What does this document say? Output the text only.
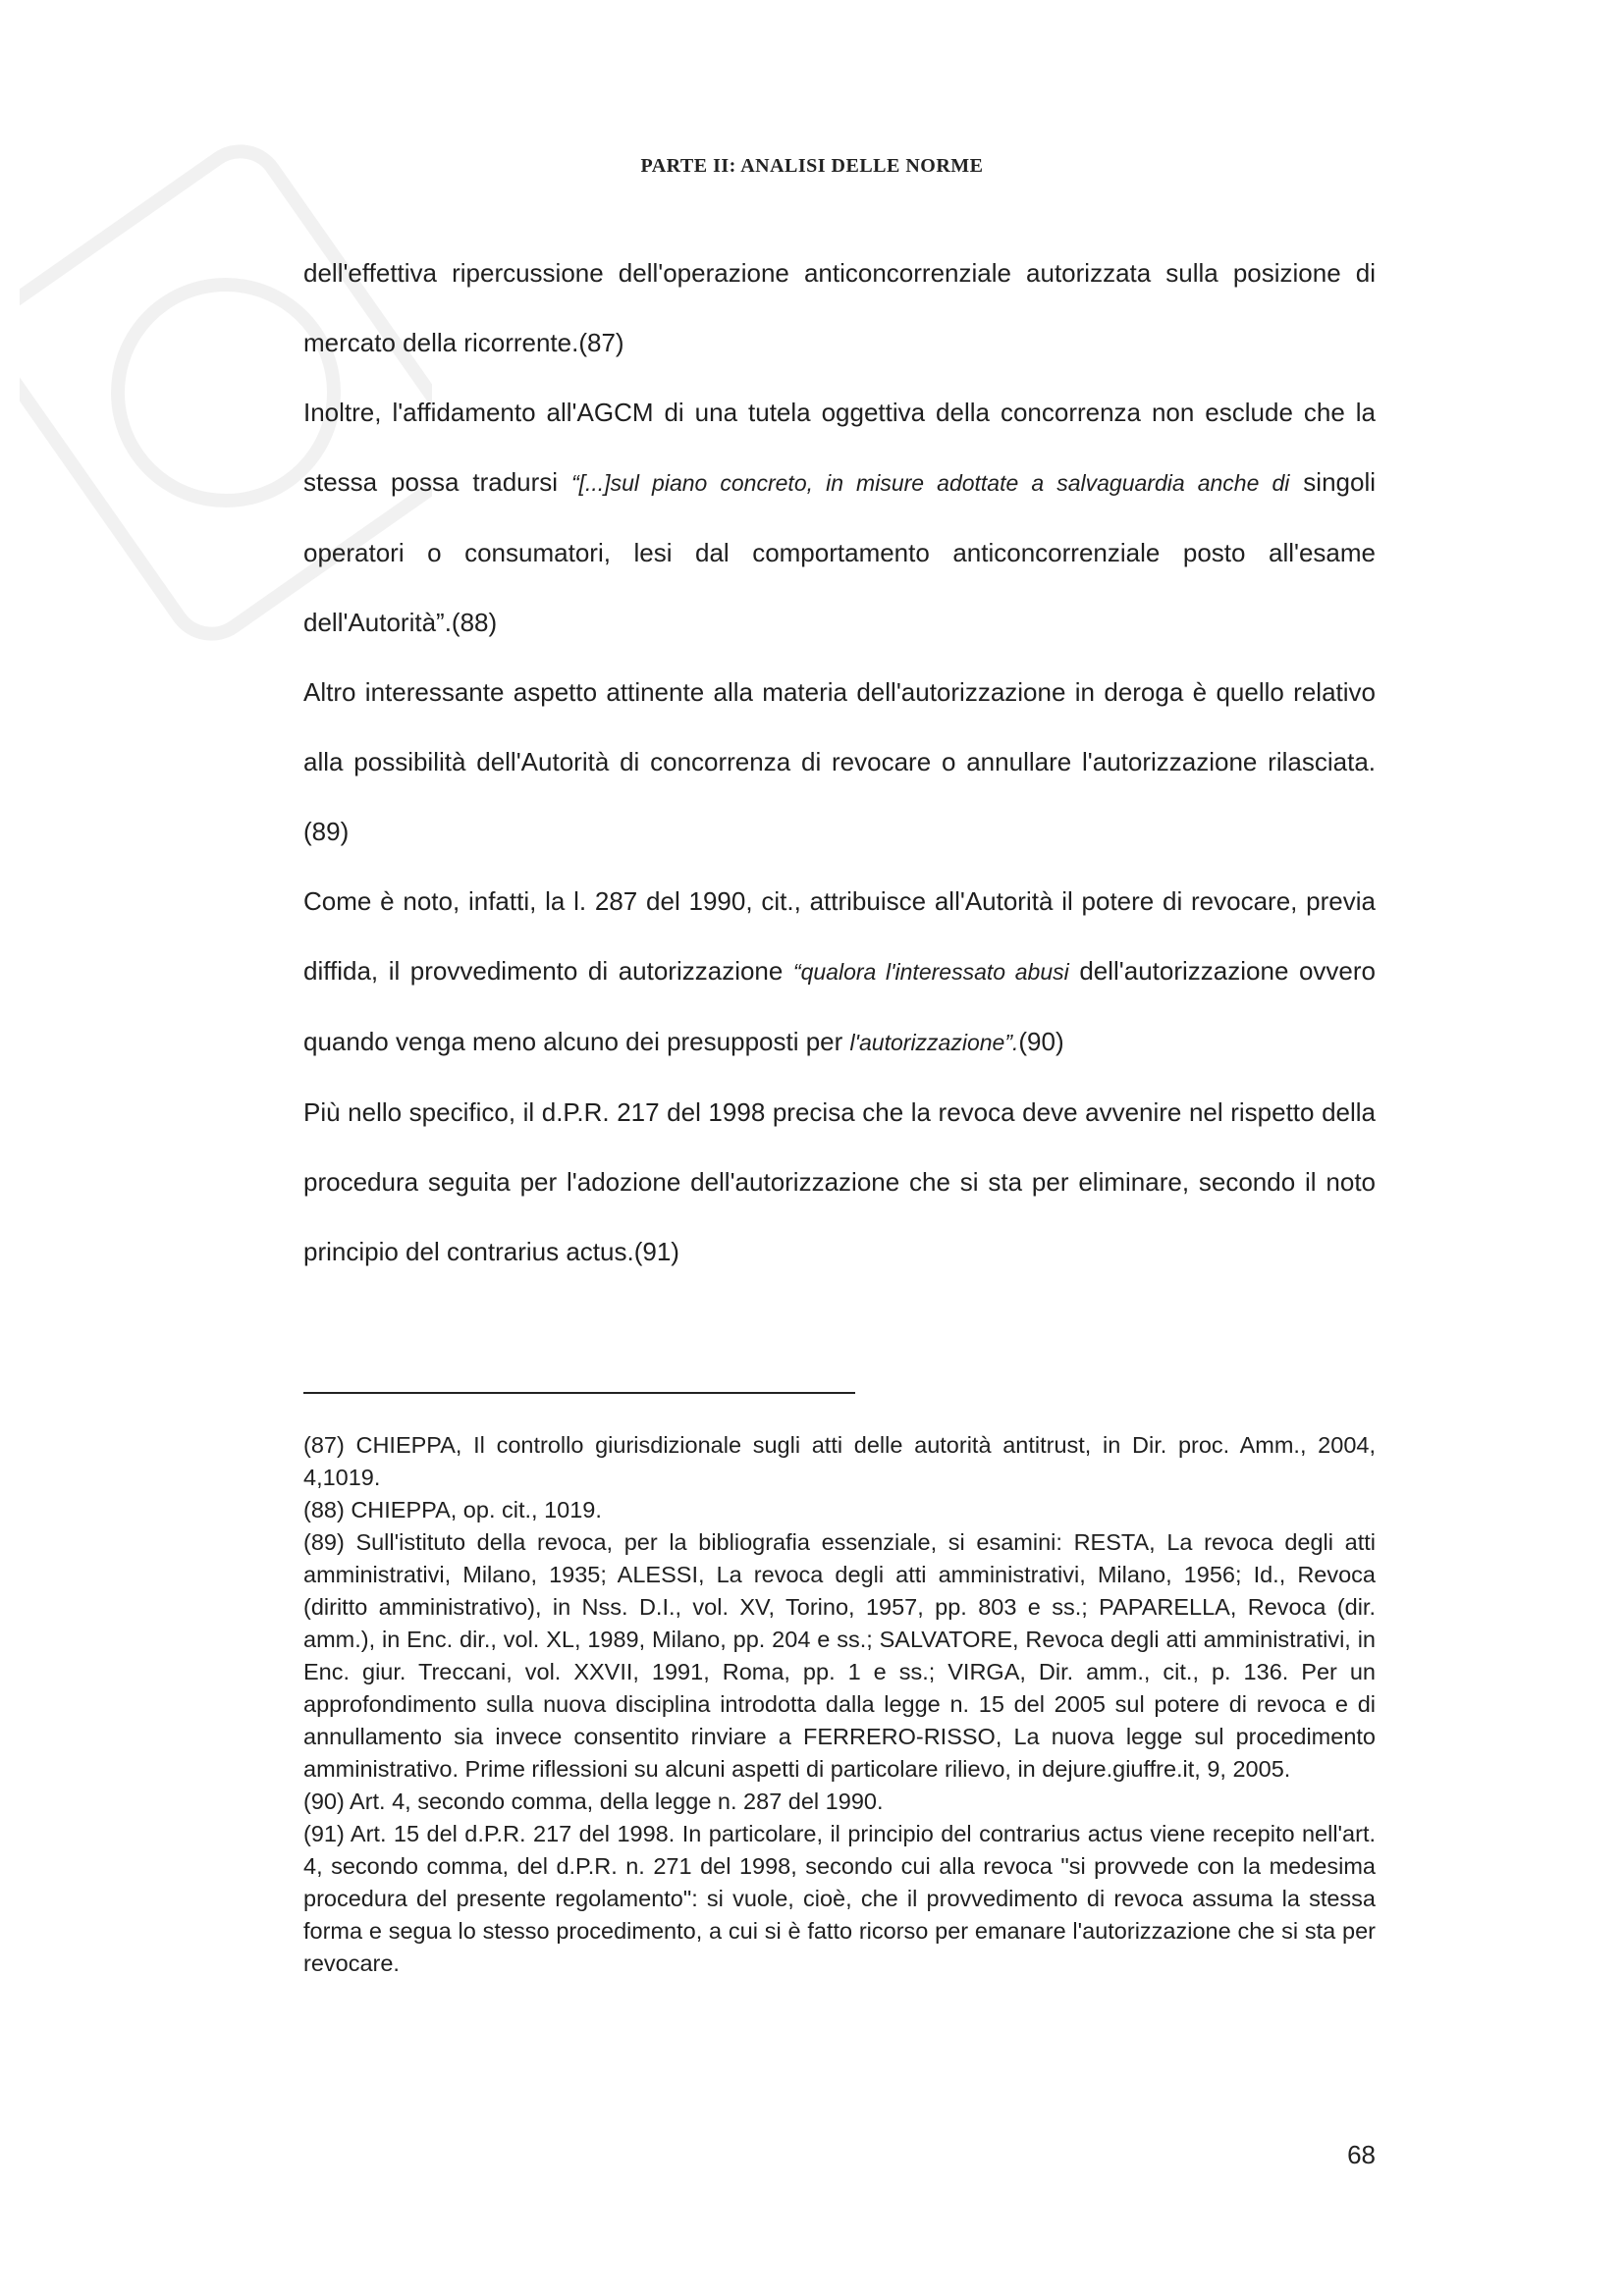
PARTE II: ANALISI DELLE NORME

dell'effettiva ripercussione dell'operazione anticoncorrenziale autorizzata sulla posizione di mercato della ricorrente.(87)

Inoltre, l'affidamento all'AGCM di una tutela oggettiva della concorrenza non esclude che la stessa possa tradursi “[...]sul piano concreto, in misure adottate a salvaguardia anche di singoli operatori o consumatori, lesi dal comportamento anticoncorrenziale posto all'esame dell'Autorità”.(88)

Altro interessante aspetto attinente alla materia dell'autorizzazione in deroga è quello relativo alla possibilità dell'Autorità di concorrenza di revocare o annullare l'autorizzazione rilasciata.(89)

Come è noto, infatti, la l. 287 del 1990, cit., attribuisce all'Autorità il potere di revocare, previa diffida, il provvedimento di autorizzazione “qualora l'interessato abusi dell'autorizzazione ovvero quando venga meno alcuno dei presupposti per l'autorizzazione”.(90)

Più nello specifico, il d.P.R. 217 del 1998 precisa che la revoca deve avvenire nel rispetto della procedura seguita per l'adozione dell'autorizzazione che si sta per eliminare, secondo il noto principio del contrarius actus.(91)

(87) CHIEPPA, Il controllo giurisdizionale sugli atti delle autorità antitrust, in Dir. proc. Amm., 2004, 4,1019.

(88) CHIEPPA, op. cit., 1019.

(89) Sull'istituto della revoca, per la bibliografia essenziale, si esamini: RESTA, La revoca degli atti amministrativi, Milano, 1935; ALESSI, La revoca degli atti amministrativi, Milano, 1956; Id., Revoca (diritto amministrativo), in Nss. D.I., vol. XV, Torino, 1957, pp. 803 e ss.; PAPARELLA, Revoca (dir. amm.), in Enc. dir., vol. XL, 1989, Milano, pp. 204 e ss.; SALVATORE, Revoca degli atti amministrativi, in Enc. giur. Treccani, vol. XXVII, 1991, Roma, pp. 1 e ss.; VIRGA, Dir. amm., cit., p. 136. Per un approfondimento sulla nuova disciplina introdotta dalla legge n. 15 del 2005 sul potere di revoca e di annullamento sia invece consentito rinviare a FERRERO-RISSO, La nuova legge sul procedimento amministrativo. Prime riflessioni su alcuni aspetti di particolare rilievo, in dejure.giuffre.it, 9, 2005.

(90) Art. 4, secondo comma, della legge n. 287 del 1990.

(91) Art. 15 del d.P.R. 217 del 1998. In particolare, il principio del contrarius actus viene recepito nell'art. 4, secondo comma, del d.P.R. n. 271 del 1998, secondo cui alla revoca "si provvede con la medesima procedura del presente regolamento": si vuole, cioè, che il provvedimento di revoca assuma la stessa forma e segua lo stesso procedimento, a cui si è fatto ricorso per emanare l'autorizzazione che si sta per revocare.

68
